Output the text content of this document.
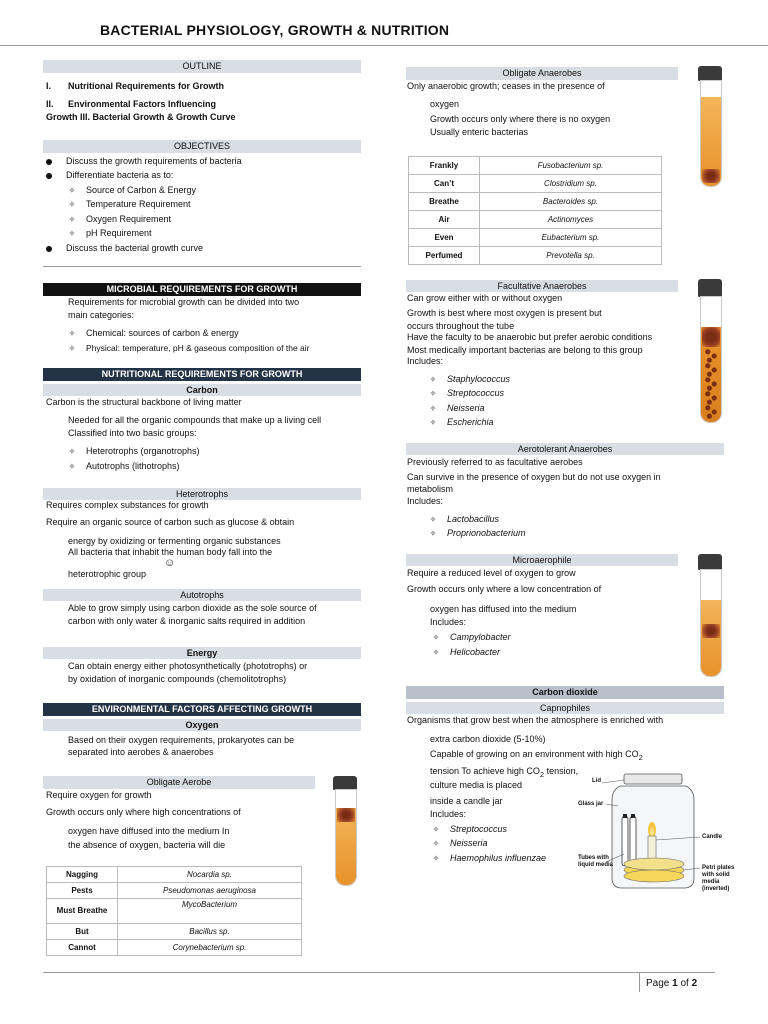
BACTERIAL PHYSIOLOGY, GROWTH & NUTRITION
OUTLINE
I. Nutritional Requirements for Growth
II. Environmental Factors Influencing
Growth III. Bacterial Growth & Growth Curve
OBJECTIVES
Discuss the growth requirements of bacteria
Differentiate bacteria as to:
✧ Source of Carbon & Energy
✧ Temperature Requirement
✧ Oxygen Requirement
✧ pH Requirement
Discuss the bacterial growth curve
MICROBIAL REQUIREMENTS FOR GROWTH
Requirements for microbial growth can be divided into two
main categories:
✧ Chemical: sources of carbon & energy
✧ Physical: temperature, pH & gaseous composition of the air
NUTRITIONAL REQUIREMENTS FOR GROWTH
Carbon
Carbon is the structural backbone of living matter
Needed for all the organic compounds that make up a living cell
Classified into two basic groups:
✧ Heterotrophs (organotrophs)
✧ Autotrophs (lithotrophs)
Heterotrophs
Requires complex substances for growth
Require an organic source of carbon such as glucose & obtain
energy by oxidizing or fermenting organic substances
All bacteria that inhabit the human body fall into the
☺
heterotrophic group
Autotrophs
Able to grow simply using carbon dioxide as the sole source of
carbon with only water & inorganic salts required in addition
Energy
Can obtain energy either photosynthetically (phototrophs) or
by oxidation of inorganic compounds (chemolitotrophs)
ENVIRONMENTAL FACTORS AFFECTING GROWTH
Oxygen
Based on their oxygen requirements, prokaryotes can be
separated into aerobes & anaerobes
Obligate Aerobe
Require oxygen for growth
Growth occurs only where high concentrations of
oxygen have diffused into the medium In
the absence of oxygen, bacteria will die
Nagging	Nocardia sp.
Pests	Pseudomonas aeruginosa
Must Breathe	MycoBacterium
But	Bacillus sp.
Cannot	Corynebacterium sp.
Obligate Anaerobes
Only anaerobic growth; ceases in the presence of
oxygen
Growth occurs only where there is no oxygen
Usually enteric bacterias
Frankly	Fusobacterium sp.
Can’t	Clostridium sp.
Breathe	Bacteroides sp.
Air	Actinomyces
Even	Eubacterium sp.
Perfumed	Prevotella sp.
Facultative Anaerobes
Can grow either with or without oxygen
Growth is best where most oxygen is present but
occurs throughout the tube
Have the faculty to be anaerobic but prefer aerobic conditions
Most medically important bacterias are belong to this group
Includes:
✧ Staphylococcus
✧ Streptococcus
✧ Neisseria
✧ Escherichia
Aerotolerant Anaerobes
Previously referred to as facultative aerobes
Can survive in the presence of oxygen but do not use oxygen in
metabolism
Includes:
✧ Lactobacillus
✧ Proprionobacterium
Microaerophile
Require a reduced level of oxygen to grow
Growth occurs only where a low concentration of
oxygen has diffused into the medium
Includes:
✧ Campylobacter
✧ Helicobacter
Carbon dioxide
Capnophiles
Organisms that grow best when the atmosphere is enriched with
extra carbon dioxide (5-10%)
Capable of growing on an environment with high $CO_2$
tension To achieve high $CO_2$ tension,
culture media is placed
inside a candle jar
Includes:
✧ Streptococcus
✧ Neisseria
✧ Haemophilus influenzae
Lid
Glass jar
Candle
Tubes with liquid media
Petri plates with solid media (inverted)
Page 1 of 2
